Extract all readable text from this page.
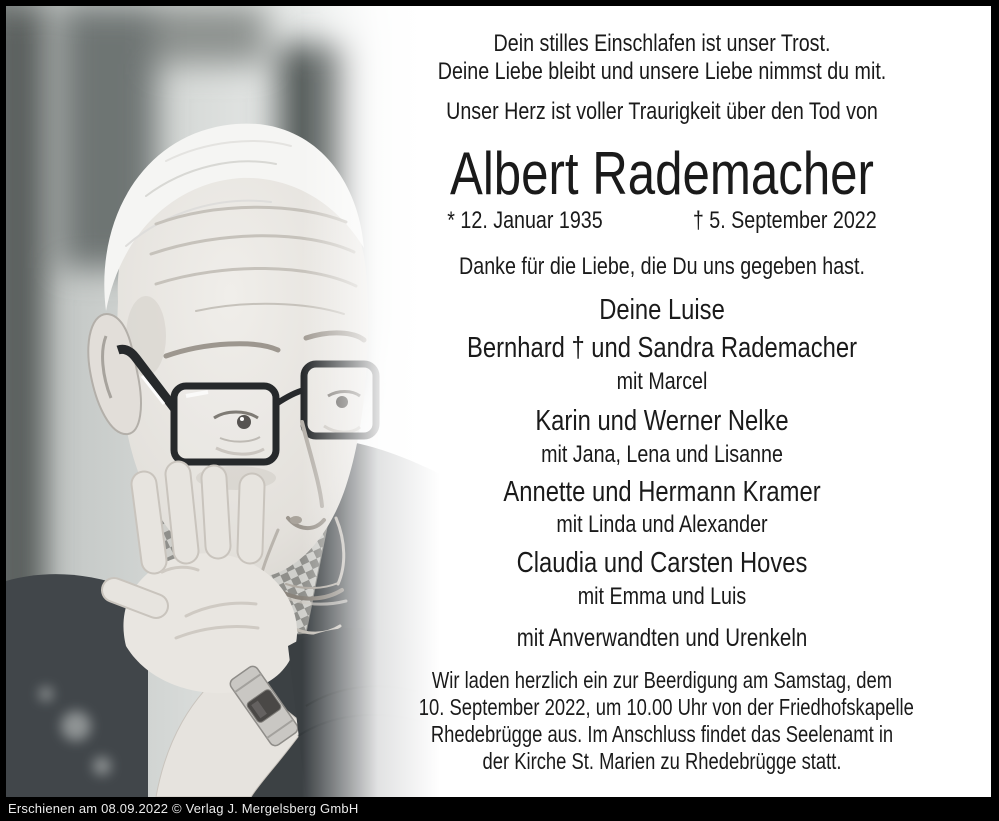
Dein stilles Einschlafen ist unser Trost.
Deine Liebe bleibt und unsere Liebe nimmst du mit.
Unser Herz ist voller Traurigkeit über den Tod von
Albert Rademacher
* 12. Januar 1935	† 5. September 2022
Danke für die Liebe, die Du uns gegeben hast.
Deine Luise
Bernhard † und Sandra Rademacher
mit Marcel
Karin und Werner Nelke
mit Jana, Lena und Lisanne
Annette und Hermann Kramer
mit Linda und Alexander
Claudia und Carsten Hoves
mit Emma und Luis
mit Anverwandten und Urenkeln
Wir laden herzlich ein zur Beerdigung am Samstag, dem
10. September 2022, um 10.00 Uhr von der Friedhofskapelle
Rhedebrügge aus. Im Anschluss findet das Seelenamt in
der Kirche St. Marien zu Rhedebrügge statt.
Erschienen am 08.09.2022 © Verlag J. Mergelsberg GmbH
